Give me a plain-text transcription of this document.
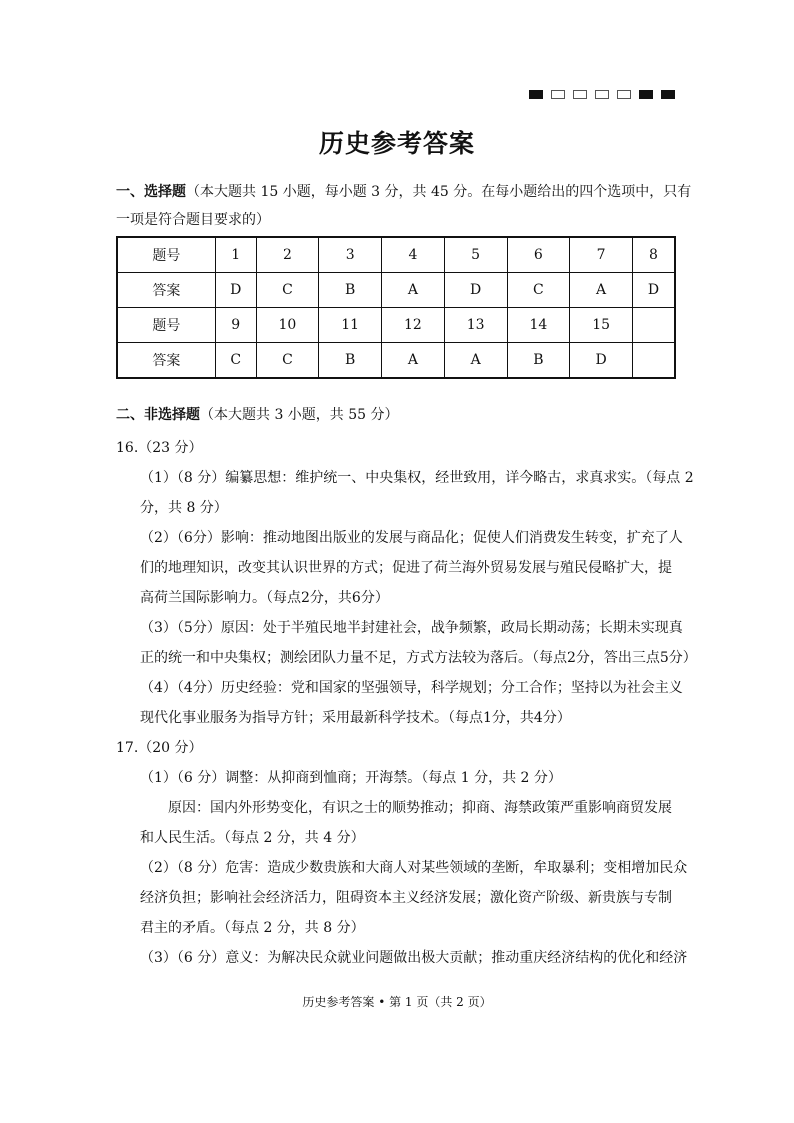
历史参考答案
一、选择题（本大题共 15 小题，每小题 3 分，共 45 分。在每小题给出的四个选项中，只有
一项是符合题目要求的）
题号	1	2	3	4	5	6	7	8
答案	D	C	B	A	D	C	A	D
题号	9	10	11	12	13	14	15	
答案	C	C	B	A	A	B	D	
二、非选择题（本大题共 3 小题，共 55 分）
16.（23 分）
（1）（8 分）编纂思想：维护统一、中央集权，经世致用，详今略古，求真求实。（每点 2
分，共 8 分）
（2）（6分）影响：推动地图出版业的发展与商品化；促使人们消费发生转变，扩充了人
们的地理知识，改变其认识世界的方式；促进了荷兰海外贸易发展与殖民侵略扩大，提
高荷兰国际影响力。（每点2分，共6分）
（3）（5分）原因：处于半殖民地半封建社会，战争频繁，政局长期动荡；长期未实现真
正的统一和中央集权；测绘团队力量不足，方式方法较为落后。（每点2分，答出三点5分）
（4）（4分）历史经验：党和国家的坚强领导，科学规划；分工合作；坚持以为社会主义
现代化事业服务为指导方针；采用最新科学技术。（每点1分，共4分）
17.（20 分）
（1）（6 分）调整：从抑商到恤商；开海禁。（每点 1 分，共 2 分）
原因：国内外形势变化，有识之士的顺势推动；抑商、海禁政策严重影响商贸发展
和人民生活。（每点 2 分，共 4 分）
（2）（8 分）危害：造成少数贵族和大商人对某些领域的垄断，牟取暴利；变相增加民众
经济负担；影响社会经济活力，阻碍资本主义经济发展；激化资产阶级、新贵族与专制
君主的矛盾。（每点 2 分，共 8 分）
（3）（6 分）意义：为解决民众就业问题做出极大贡献；推动重庆经济结构的优化和经济
历史参考答案 • 第 1 页（共 2 页）
